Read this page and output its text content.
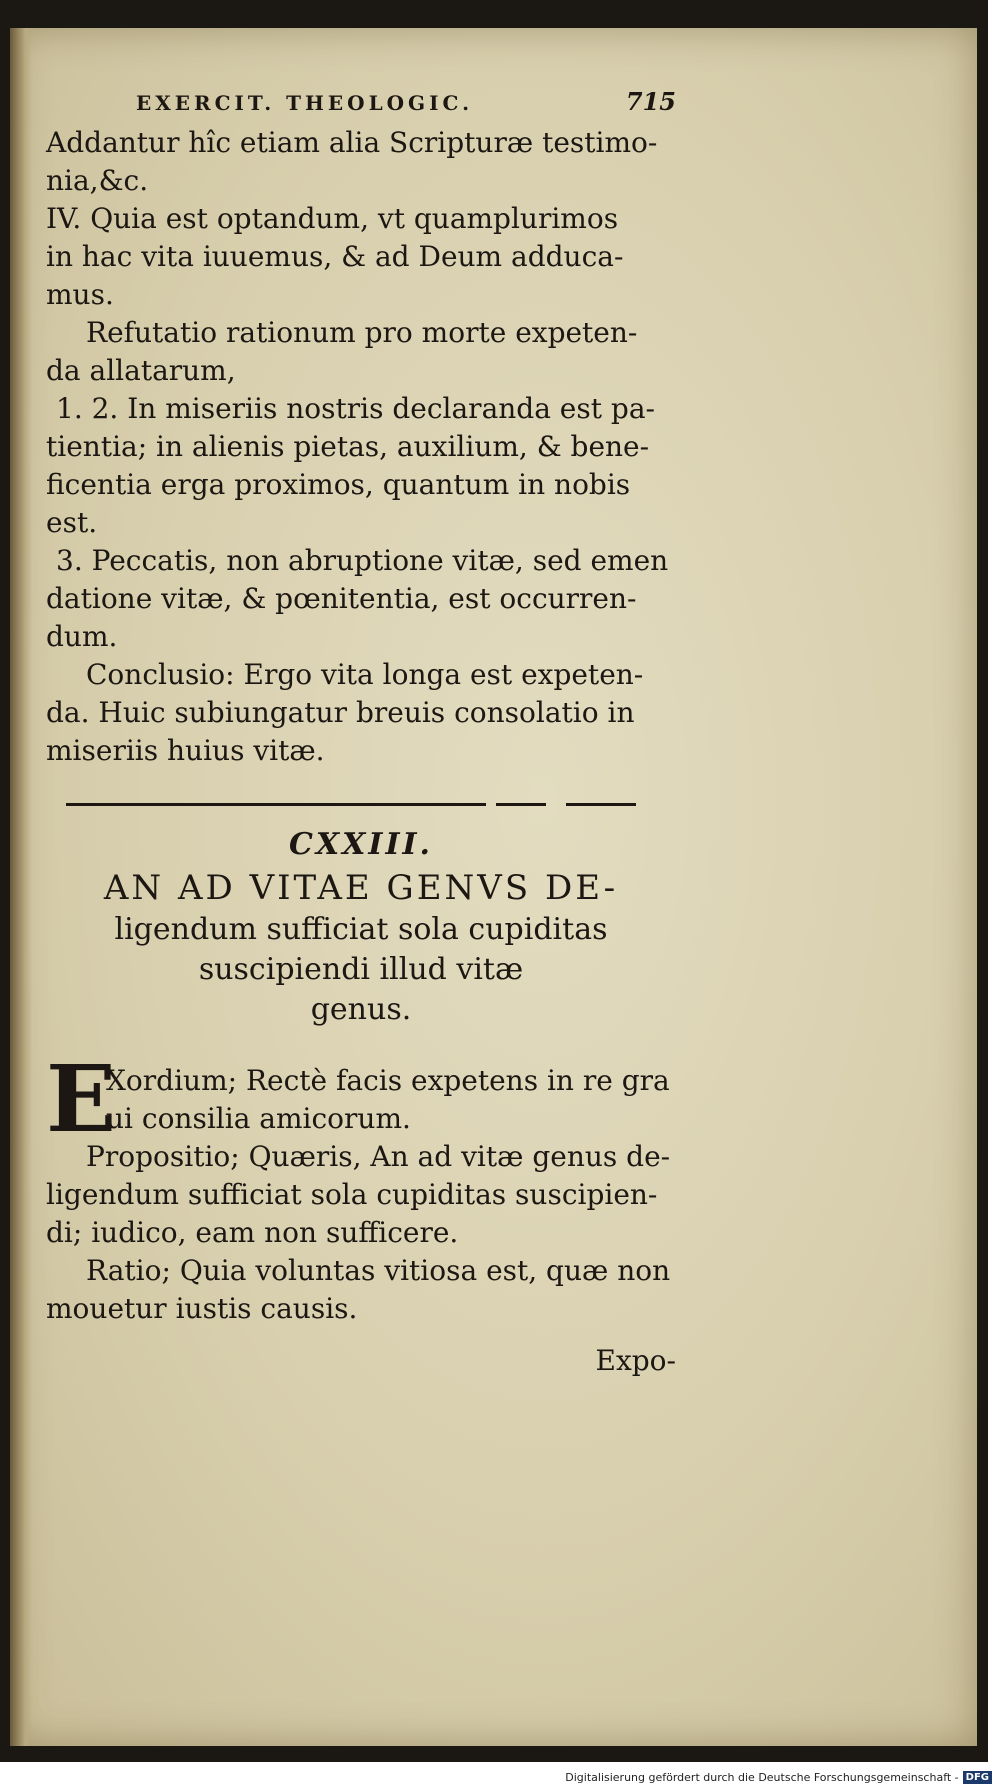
EXERCIT. THEOLOGIC.	715
Addantur hîc etiam alia Scripturæ testimo-
nia,&c.
IV. Quia est optandum, vt quamplurimos
in hac vita iuuemus, & ad Deum adduca-
mus.
Refutatio rationum pro morte expeten-
da allatarum,
1. 2. In miseriis nostris declaranda est pa-
tientia; in alienis pietas, auxilium, & bene-
ficentia erga proximos, quantum in nobis
est.
3. Peccatis, non abruptione vitæ, sed emen
datione vitæ, & pœnitentia, est occurren-
dum.
Conclusio: Ergo vita longa est expeten-
da. Huic subiungatur breuis consolatio in
miseriis huius vitæ.
CXXIII.
AN AD VITAE GENVS DE-
ligendum sufficiat sola cupiditas
suscipiendi illud vitæ
genus.
E
Xordium; Rectè facis expetens in re gra
ui consilia amicorum.
Propositio; Quæris, An ad vitæ genus de-
ligendum sufficiat sola cupiditas suscipien-
di; iudico, eam non sufficere.
Ratio; Quia voluntas vitiosa est, quæ non
mouetur iustis causis.
Expo-
Digitalisierung gefördert durch die Deutsche Forschungsgemeinschaft - DFG
